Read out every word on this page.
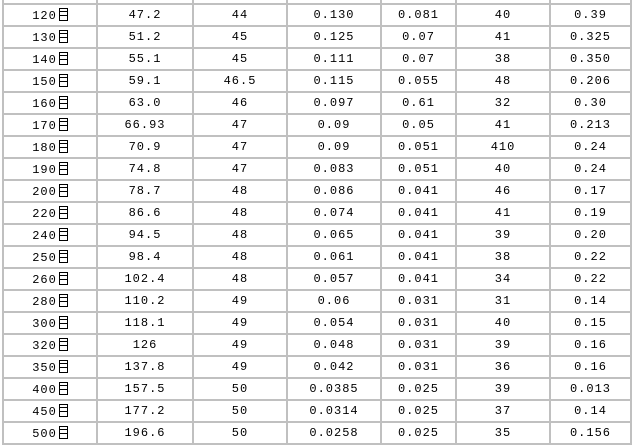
120	47.2	44	0.130	0.081	40	0.39
130	51.2	45	0.125	0.07	41	0.325
140	55.1	45	0.111	0.07	38	0.350
150	59.1	46.5	0.115	0.055	48	0.206
160	63.0	46	0.097	0.61	32	0.30
170	66.93	47	0.09	0.05	41	0.213
180	70.9	47	0.09	0.051	410	0.24
190	74.8	47	0.083	0.051	40	0.24
200	78.7	48	0.086	0.041	46	0.17
220	86.6	48	0.074	0.041	41	0.19
240	94.5	48	0.065	0.041	39	0.20
250	98.4	48	0.061	0.041	38	0.22
260	102.4	48	0.057	0.041	34	0.22
280	110.2	49	0.06	0.031	31	0.14
300	118.1	49	0.054	0.031	40	0.15
320	126	49	0.048	0.031	39	0.16
350	137.8	49	0.042	0.031	36	0.16
400	157.5	50	0.0385	0.025	39	0.013
450	177.2	50	0.0314	0.025	37	0.14
500	196.6	50	0.0258	0.025	35	0.156
